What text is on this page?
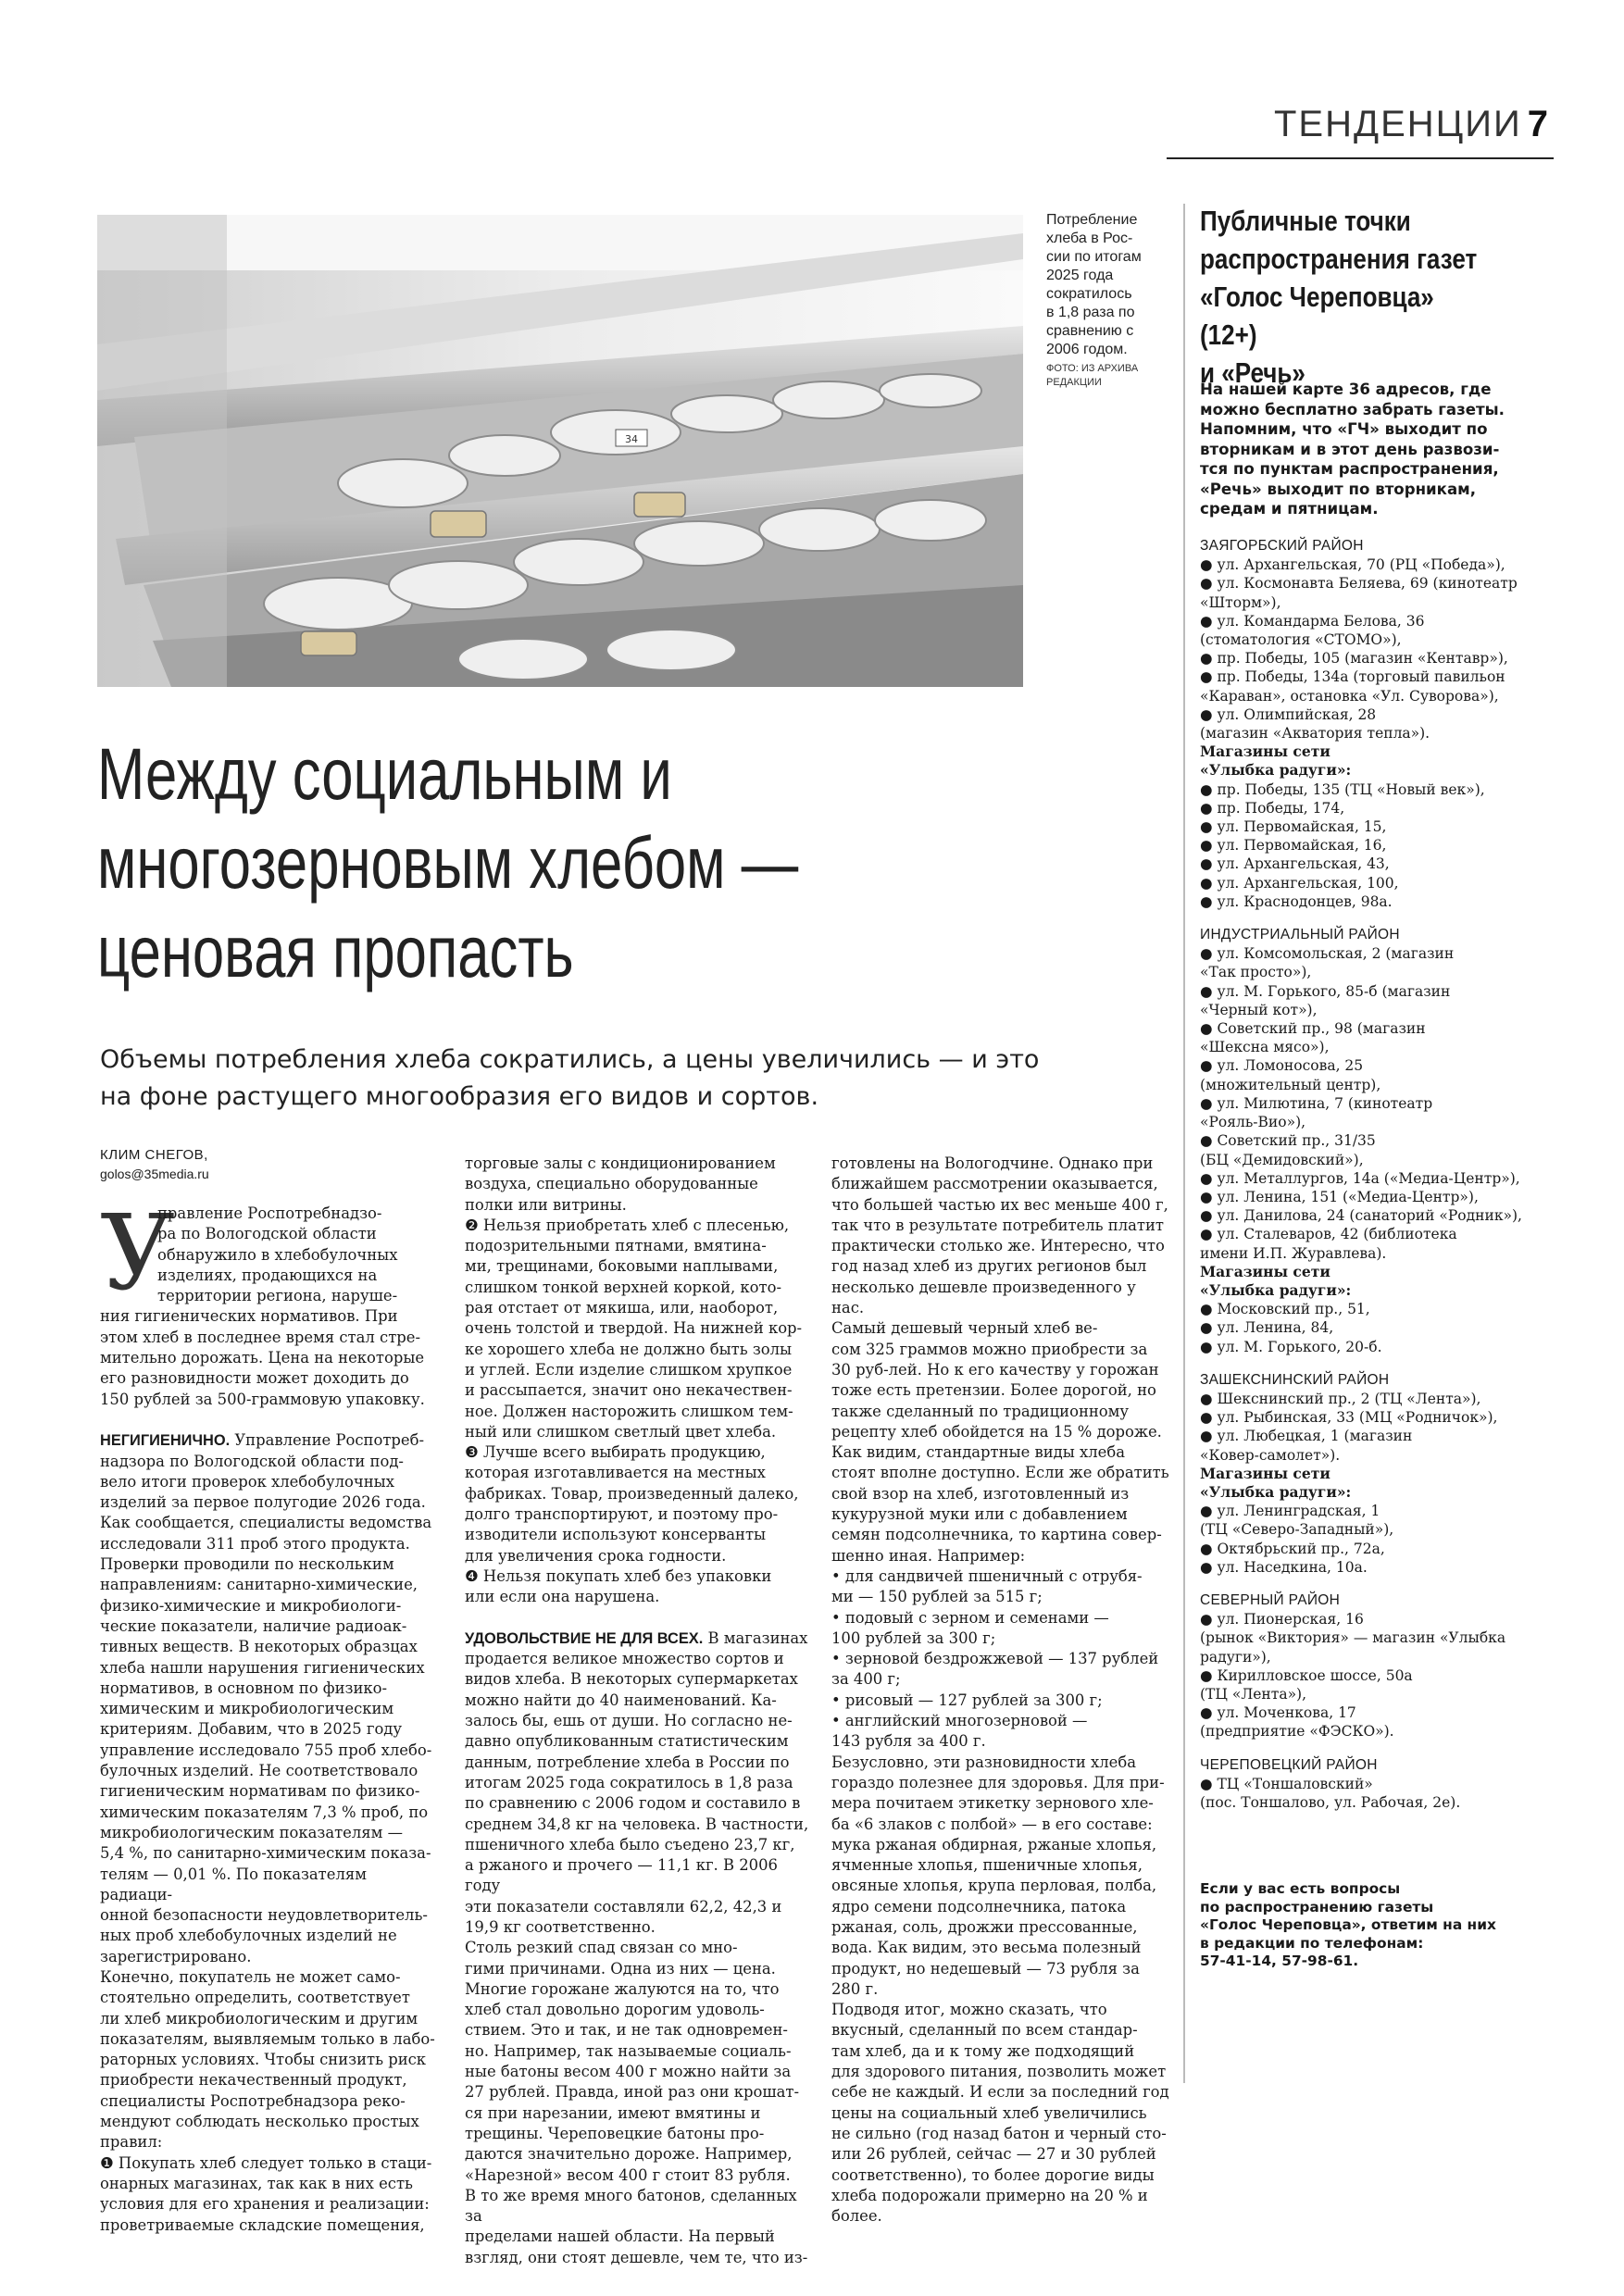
ТЕНДЕНЦИИ 7
34
Потребление
хлеба в Рос-
сии по итогам
2025 года
сократилось
в 1,8 раза по
сравнению с
2006 годом.
ФОТО: ИЗ АРХИВА
РЕДАКЦИИ
Между социальным и
многозерновым хлебом —
ценовая пропасть
Объемы потребления хлеба сократились, а цены увеличились — и это
на фоне растущего многообразия его видов и сортов.
КЛИМ СНЕГОВ,
golos@35media.ru
У
правление Роспотребнадзо-
ра по Вологодской области
обнаружило в хлебобулочных
изделиях, продающихся на
территории региона, наруше-

ния гигиенических нормативов. При
этом хлеб в последнее время стал стре-
мительно дорожать. Цена на некоторые
его разновидности может доходить до
150 рублей за 500-граммовую упаковку.

НЕГИГИЕНИЧНО. Управление Роспотреб-
надзора по Вологодской области под-
вело итоги проверок хлебобулочных
изделий за первое полугодие 2026 года.
Как сообщается, специалисты ведомства
исследовали 311 проб этого продукта.
Проверки проводили по нескольким
направлениям: санитарно-химические,
физико-химические и микробиологи-
ческие показатели, наличие радиоак-
тивных веществ. В некоторых образцах
хлеба нашли нарушения гигиенических
нормативов, в основном по физико-
химическим и микробиологическим
критериям. Добавим, что в 2025 году
управление исследовало 755 проб хлебо-
булочных изделий. Не соответствовало
гигиеническим нормативам по физико-
химическим показателям 7,3 % проб, по
микробиологическим показателям —
5,4 %, по санитарно-химическим показа-
телям — 0,01 %. По показателям радиаци-
онной безопасности неудовлетворитель-
ных проб хлебобулочных изделий не
зарегистрировано.
Конечно, покупатель не может само-
стоятельно определить, соответствует
ли хлеб микробиологическим и другим
показателям, выявляемым только в лабо-
раторных условиях. Чтобы снизить риск
приобрести некачественный продукт,
специалисты Роспотребнадзора реко-
мендуют соблюдать несколько простых
правил:
❶ Покупать хлеб следует только в стаци-
онарных магазинах, так как в них есть
условия для его хранения и реализации:
проветриваемые складские помещения,
торговые залы с кондиционированием
воздуха, специально оборудованные
полки или витрины.
❷ Нельзя приобретать хлеб с плесенью,
подозрительными пятнами, вмятина-
ми, трещинами, боковыми наплывами,
слишком тонкой верхней коркой, кото-
рая отстает от мякиша, или, наоборот,
очень толстой и твердой. На нижней кор-
ке хорошего хлеба не должно быть золы
и углей. Если изделие слишком хрупкое
и рассыпается, значит оно некачествен-
ное. Должен насторожить слишком тем-
ный или слишком светлый цвет хлеба.
❸ Лучше всего выбирать продукцию,
которая изготавливается на местных
фабриках. Товар, произведенный далеко,
долго транспортируют, и поэтому про-
изводители используют консерванты
для увеличения срока годности.
❹ Нельзя покупать хлеб без упаковки
или если она нарушена.

УДОВОЛЬСТВИЕ НЕ ДЛЯ ВСЕХ. В магазинах
продается великое множество сортов и
видов хлеба. В некоторых супермаркетах
можно найти до 40 наименований. Ка-
залось бы, ешь от души. Но согласно не-
давно опубликованным статистическим
данным, потребление хлеба в России по
итогам 2025 года сократилось в 1,8 раза
по сравнению с 2006 годом и составило в
среднем 34,8 кг на человека. В частности,
пшеничного хлеба было съедено 23,7 кг,
а ржаного и прочего — 11,1 кг. В 2006 году
эти показатели составляли 62,2, 42,3 и
19,9 кг соответственно.
Столь резкий спад связан со мно-
гими причинами. Одна из них — цена.
Многие горожане жалуются на то, что
хлеб стал довольно дорогим удоволь-
ствием. Это и так, и не так одновремен-
но. Например, так называемые социаль-
ные батоны весом 400 г можно найти за
27 рублей. Правда, иной раз они крошат-
ся при нарезании, имеют вмятины и
трещины. Череповецкие батоны про-
даются значительно дороже. Например,
«Нарезной» весом 400 г стоит 83 рубля.
В то же время много батонов, сделанных за
пределами нашей области. На первый
взгляд, они стоят дешевле, чем те, что из-
готовлены на Вологодчине. Однако при
ближайшем рассмотрении оказывается,
что большей частью их вес меньше 400 г,
так что в результате потребитель платит
практически столько же. Интересно, что
год назад хлеб из других регионов был
несколько дешевле произведенного у
нас.
Самый дешевый черный хлеб ве-
сом 325 граммов можно приобрести за
30 руб-лей. Но к его качеству у горожан
тоже есть претензии. Более дорогой, но
также сделанный по традиционному
рецепту хлеб обойдется на 15 % дороже.
Как видим, стандартные виды хлеба
стоят вполне доступно. Если же обратить
свой взор на хлеб, изготовленный из
кукурузной муки или с добавлением
семян подсолнечника, то картина совер-
шенно иная. Например:
• для сандвичей пшеничный с отрубя-
ми — 150 рублей за 515 г;
• подовый с зерном и семенами —
100 рублей за 300 г;
• зерновой бездрожжевой — 137 рублей
за 400 г;
• рисовый — 127 рублей за 300 г;
• английский многозерновой —
143 рубля за 400 г.
Безусловно, эти разновидности хлеба
гораздо полезнее для здоровья. Для при-
мера почитаем этикетку зернового хле-
ба «6 злаков с полбой» — в его составе:
мука ржаная обдирная, ржаные хлопья,
ячменные хлопья, пшеничные хлопья,
овсяные хлопья, крупа перловая, полба,
ядро семени подсолнечника, патока
ржаная, соль, дрожжи прессованные,
вода. Как видим, это весьма полезный
продукт, но недешевый — 73 рубля за
280 г.
Подводя итог, можно сказать, что
вкусный, сделанный по всем стандар-
там хлеб, да и к тому же подходящий
для здорового питания, позволить может
себе не каждый. И если за последний год
цены на социальный хлеб увеличились
не сильно (год назад батон и черный сто-
или 26 рублей, сейчас — 27 и 30 рублей
соответственно), то более дорогие виды
хлеба подорожали примерно на 20 % и
более.
Публичные точки
распространения газет
«Голос Череповца» (12+)
и «Речь»
На нашей карте 36 адресов, где
можно бесплатно забрать газеты.
Напомним, что «ГЧ» выходит по
вторникам и в этот день развози-
тся по пунктам распространения,
«Речь» выходит по вторникам,
средам и пятницам.
ЗАЯГОРБСКИЙ РАЙОН
● ул. Архангельская, 70 (РЦ «Победа»),
● ул. Космонавта Беляева, 69 (кинотеатр
«Шторм»),
● ул. Командарма Белова, 36
(стоматология «СТОМО»),
● пр. Победы, 105 (магазин «Кентавр»),
● пр. Победы, 134а (торговый павильон
«Караван», остановка «Ул. Суворова»),
● ул. Олимпийская, 28
(магазин «Акватория тепла»).
Магазины сети
«Улыбка радуги»:
● пр. Победы, 135 (ТЦ «Новый век»),
● пр. Победы, 174,
● ул. Первомайская, 15,
● ул. Первомайская, 16,
● ул. Архангельская, 43,
● ул. Архангельская, 100,
● ул. Краснодонцев, 98а.
ИНДУСТРИАЛЬНЫЙ РАЙОН
● ул. Комсомольская, 2 (магазин
«Так просто»),
● ул. М. Горького, 85-б (магазин
«Черный кот»),
● Советский пр., 98 (магазин
«Шексна мясо»),
● ул. Ломоносова, 25
(множительный центр),
● ул. Милютина, 7 (кинотеатр
«Рояль-Вио»),
● Советский пр., 31/35
(БЦ «Демидовский»),
● ул. Металлургов, 14а («Медиа-Центр»),
● ул. Ленина, 151 («Медиа-Центр»),
● ул. Данилова, 24 (санаторий «Родник»),
● ул. Сталеваров, 42 (библиотека
имени И.П. Журавлева).
Магазины сети
«Улыбка радуги»:
● Московский пр., 51,
● ул. Ленина, 84,
● ул. М. Горького, 20-б.
ЗАШЕКСНИНСКИЙ РАЙОН
● Шекснинский пр., 2 (ТЦ «Лента»),
● ул. Рыбинская, 33 (МЦ «Родничок»),
● ул. Любецкая, 1 (магазин
«Ковер-самолет»).
Магазины сети
«Улыбка радуги»:
● ул. Ленинградская, 1
(ТЦ «Северо-Западный»),
● Октябрьский пр., 72а,
● ул. Наседкина, 10а.
СЕВЕРНЫЙ РАЙОН
● ул. Пионерская, 16
(рынок «Виктория» — магазин «Улыбка
радуги»),
● Кирилловское шоссе, 50а
(ТЦ «Лента»),
● ул. Моченкова, 17
(предприятие «ФЭСКО»).
ЧЕРЕПОВЕЦКИЙ РАЙОН
● ТЦ «Тоншаловский»
(пос. Тоншалово, ул. Рабочая, 2е).
Если у вас есть вопросы
по распространению газеты
«Голос Череповца», ответим на них
в редакции по телефонам:
57-41-14, 57-98-61.
